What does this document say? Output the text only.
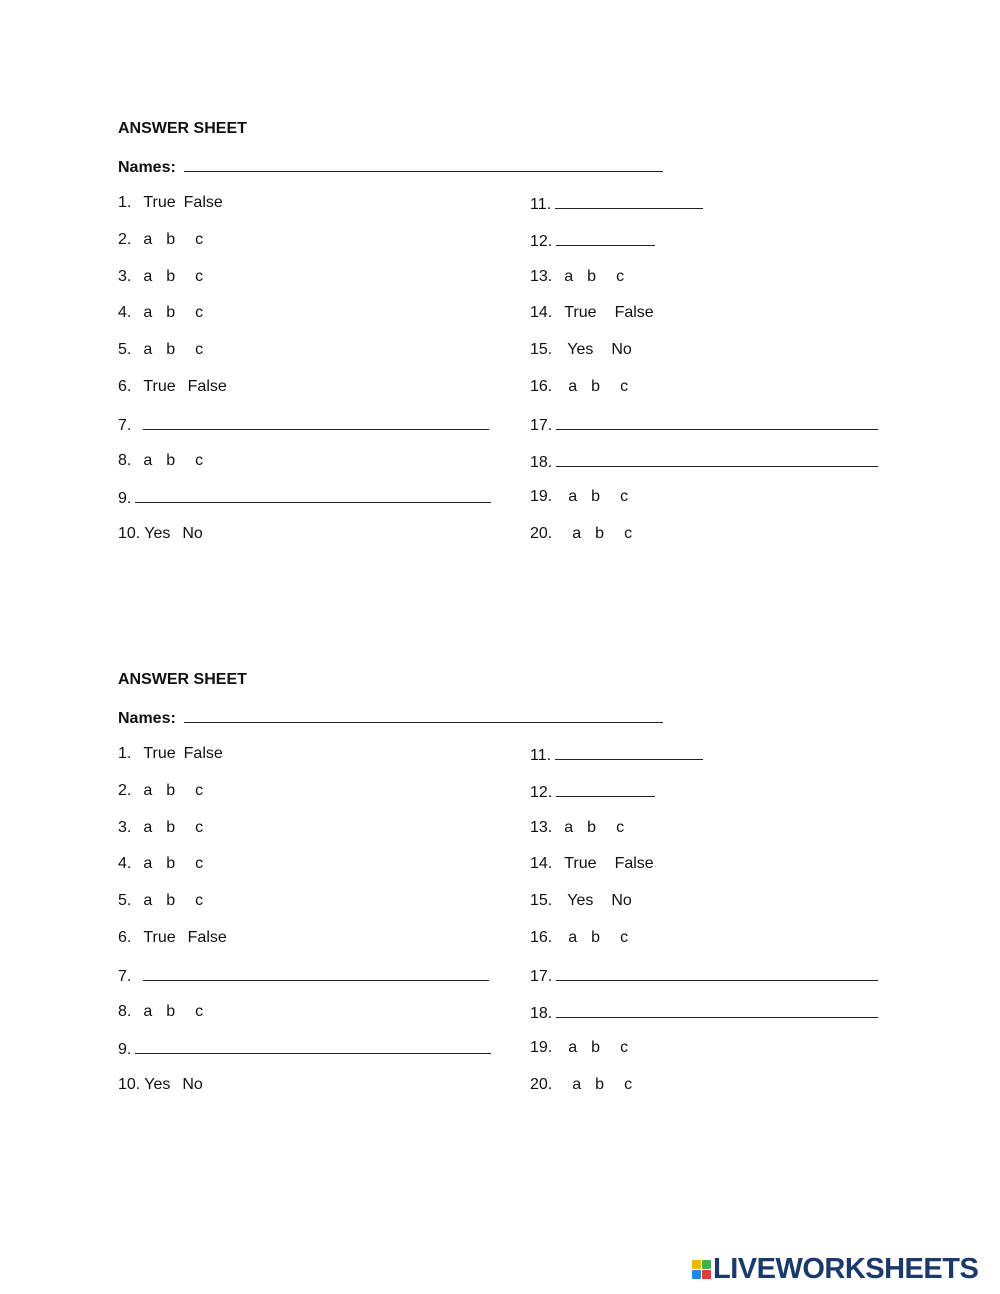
ANSWER SHEET
Names:
1. True False
2. a b c
3. a b c
4. a b c
5. a b c
6. True False
7.
8. a b c
9.
10. Yes No
11.
12.
13. a b c
14. True False
15. Yes No
16. a b c
17.
18.
19. a b c
20. a b c
ANSWER SHEET
Names:
1. True False
2. a b c
3. a b c
4. a b c
5. a b c
6. True False
7.
8. a b c
9.
10. Yes No
11.
12.
13. a b c
14. True False
15. Yes No
16. a b c
17.
18.
19. a b c
20. a b c
LIVEWORKSHEETS
